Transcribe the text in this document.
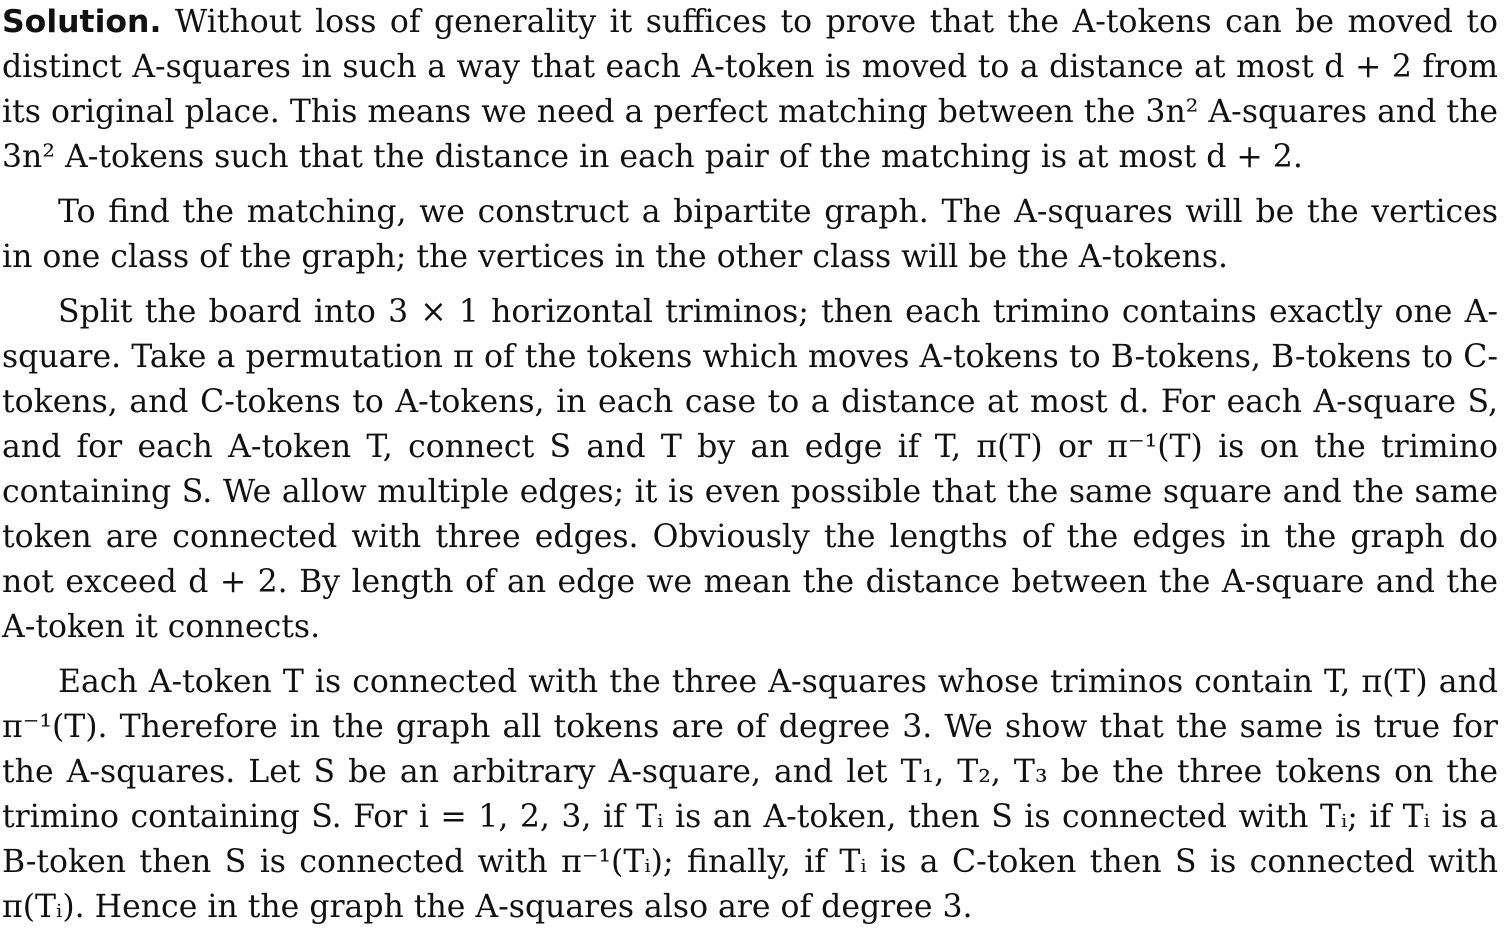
Solution. Without loss of generality it suffices to prove that the A-tokens can be moved to distinct A-squares in such a way that each A-token is moved to a distance at most d + 2 from its original place. This means we need a perfect matching between the 3n² A-squares and the 3n² A-tokens such that the distance in each pair of the matching is at most d + 2.

To find the matching, we construct a bipartite graph. The A-squares will be the vertices in one class of the graph; the vertices in the other class will be the A-tokens.

Split the board into 3 × 1 horizontal triminos; then each trimino contains exactly one A-square. Take a permutation π of the tokens which moves A-tokens to B-tokens, B-tokens to C-tokens, and C-tokens to A-tokens, in each case to a distance at most d. For each A-square S, and for each A-token T, connect S and T by an edge if T, π(T) or π⁻¹(T) is on the trimino containing S. We allow multiple edges; it is even possible that the same square and the same token are connected with three edges. Obviously the lengths of the edges in the graph do not exceed d + 2. By length of an edge we mean the distance between the A-square and the A-token it connects.

Each A-token T is connected with the three A-squares whose triminos contain T, π(T) and π⁻¹(T). Therefore in the graph all tokens are of degree 3. We show that the same is true for the A-squares. Let S be an arbitrary A-square, and let T₁, T₂, T₃ be the three tokens on the trimino containing S. For i = 1, 2, 3, if Tᵢ is an A-token, then S is connected with Tᵢ; if Tᵢ is a B-token then S is connected with π⁻¹(Tᵢ); finally, if Tᵢ is a C-token then S is connected with π(Tᵢ). Hence in the graph the A-squares also are of degree 3.
